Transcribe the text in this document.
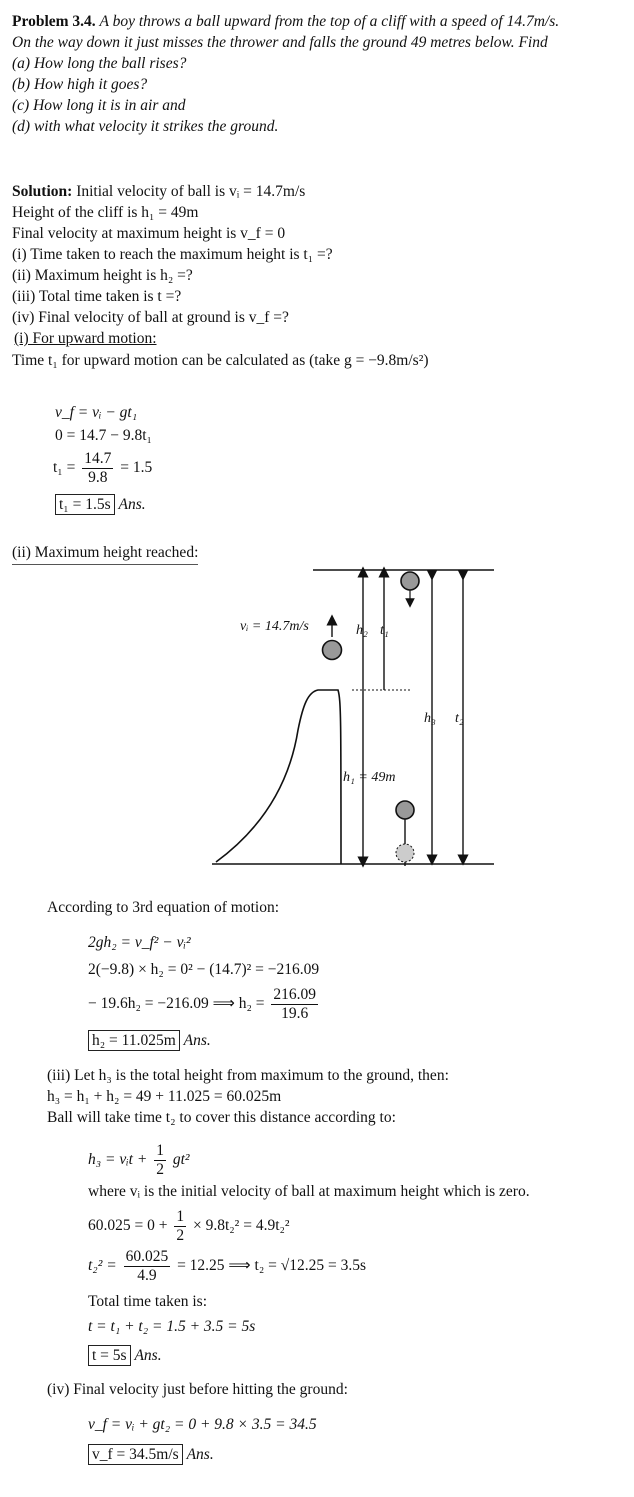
Problem 3.4. A boy throws a ball upward from the top of a cliff with a speed of 14.7m/s.
On the way down it just misses the thrower and falls the ground 49 metres below. Find
(a) How long the ball rises?
(b) How high it goes?
(c) How long it is in air and
(d) with what velocity it strikes the ground.
Solution: Initial velocity of ball is vᵢ = 14.7m/s
Height of the cliff is h₁ = 49m
Final velocity at maximum height is v_f = 0
(i) Time taken to reach the maximum height is t₁ =?
(ii) Maximum height is h₂ =?
(iii) Total time taken is t =?
(iv) Final velocity of ball at ground is v_f =?
(i) For upward motion:
Time t₁ for upward motion can be calculated as (take g = −9.8m/s²)
v_f = vᵢ − gt₁
0 = 14.7 − 9.8t₁
$t_1 = \frac{14.7}{9.8} = 1.5$
t₁ = 1.5s Ans.
(ii) Maximum height reached:
vᵢ = 14.7m/s	h₂ t₁
h₃ t₂
h₁ = 49m
According to 3rd equation of motion:
2gh₂ = v_f² − vᵢ²
2(−9.8) × h₂ = 0² − (14.7)² = −216.09
− 19.6h₂ = −216.09 ⟹ $h_2 = \frac{216.09}{19.6}$
h₂ = 11.025m Ans.
(iii) Let h₃ is the total height from maximum to the ground, then:
h₃ = h₁ + h₂ = 49 + 11.025 = 60.025m
Ball will take time t₂ to cover this distance according to:
h₃ = vᵢt + $\frac{1}{2} gt^2$
where vᵢ is the initial velocity of ball at maximum height which is zero.
$60.025 = 0 + \frac{1}{2} \times 9.8t_2^2 = 4.9t_2^2$
$t_2^2 = \frac{60.025}{4.9} = 12.25$ ⟹ t₂ = √12.25 = 3.5s
Total time taken is:
t = t₁ + t₂ = 1.5 + 3.5 = 5s
t = 5s Ans.
(iv) Final velocity just before hitting the ground:
v_f = vᵢ + gt₂ = 0 + 9.8 × 3.5 = 34.5
v_f = 34.5m/s Ans.
